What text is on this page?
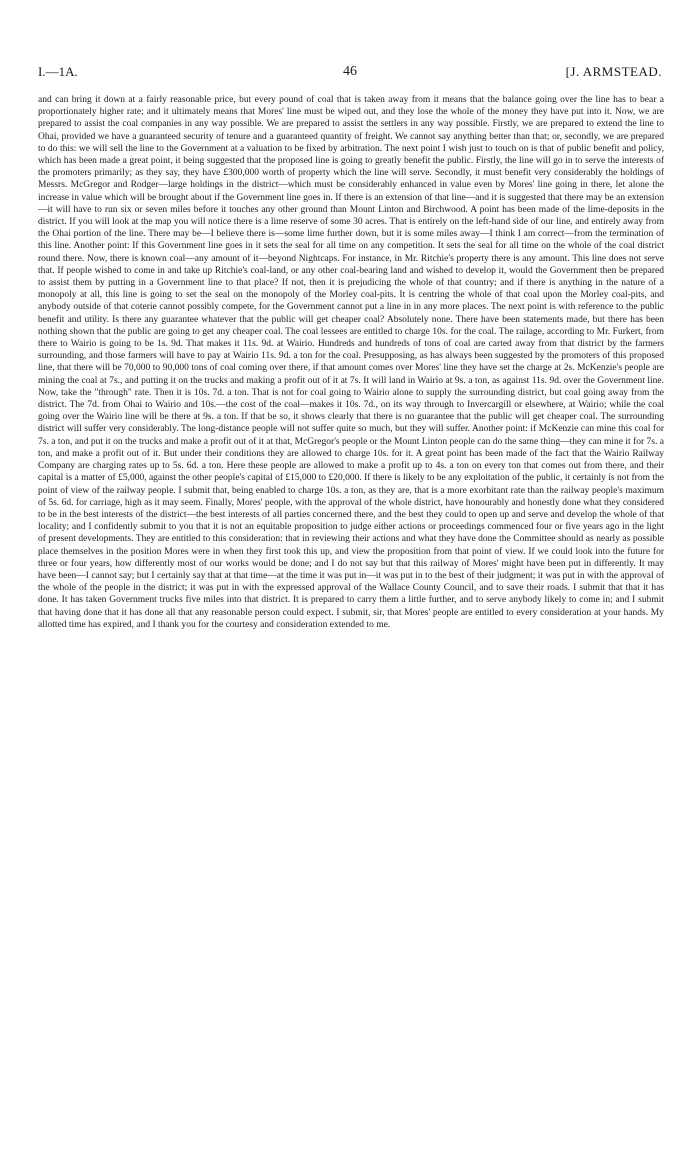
I.—1A.	46	[J. ARMSTEAD.

and can bring it down at a fairly reasonable price, but every pound of coal that is taken away from it means that the balance going over the line has to bear a proportionately higher rate; and it ultimately means that Mores' line must be wiped out, and they lose the whole of the money they have put into it. Now, we are prepared to assist the coal companies in any way possible. We are prepared to assist the settlers in any way possible. Firstly, we are prepared to extend the line to Ohai, provided we have a guaranteed security of tenure and a guaranteed quantity of freight. We cannot say anything better than that; or, secondly, we are prepared to do this: we will sell the line to the Government at a valuation to be fixed by arbitration. The next point I wish just to touch on is that of public benefit and policy, which has been made a great point, it being suggested that the proposed line is going to greatly benefit the public. Firstly, the line will go in to serve the interests of the promoters primarily; as they say, they have £300,000 worth of property which the line will serve. Secondly, it must benefit very considerably the holdings of Messrs. McGregor and Rodger—large holdings in the district—which must be considerably enhanced in value even by Mores' line going in there, let alone the increase in value which will be brought about if the Government line goes in. If there is an extension of that line—and it is suggested that there may be an extension—it will have to run six or seven miles before it touches any other ground than Mount Linton and Birchwood. A point has been made of the lime-deposits in the district. If you will look at the map you will notice there is a lime reserve of some 30 acres. That is entirely on the left-hand side of our line, and entirely away from the Ohai portion of the line. There may be—I believe there is—some lime further down, but it is some miles away—I think I am correct—from the termination of this line. Another point: If this Government line goes in it sets the seal for all time on any competition. It sets the seal for all time on the whole of the coal district round there. Now, there is known coal—any amount of it—beyond Nightcaps. For instance, in Mr. Ritchie's property there is any amount. This line does not serve that. If people wished to come in and take up Ritchie's coal-land, or any other coal-bearing land and wished to develop it, would the Government then be prepared to assist them by putting in a Government line to that place? If not, then it is prejudicing the whole of that country; and if there is anything in the nature of a monopoly at all, this line is going to set the seal on the monopoly of the Morley coal-pits. It is centring the whole of that coal upon the Morley coal-pits, and anybody outside of that coterie cannot possibly compete, for the Government cannot put a line in in any more places. The next point is with reference to the public benefit and utility. Is there any guarantee whatever that the public will get cheaper coal? Absolutely none. There have been statements made, but there has been nothing shown that the public are going to get any cheaper coal. The coal lessees are entitled to charge 10s. for the coal. The railage, according to Mr. Furkert, from there to Wairio is going to be 1s. 9d. That makes it 11s. 9d. at Wairio. Hundreds and hundreds of tons of coal are carted away from that district by the farmers surrounding, and those farmers will have to pay at Wairio 11s. 9d. a ton for the coal. Presupposing, as has always been suggested by the promoters of this proposed line, that there will be 70,000 to 90,000 tons of coal coming over there, if that amount comes over Mores' line they have set the charge at 2s. McKenzie's people are mining the coal at 7s., and putting it on the trucks and making a profit out of it at 7s. It will land in Wairio at 9s. a ton, as against 11s. 9d. over the Government line. Now, take the "through" rate. Then it is 10s. 7d. a ton. That is not for coal going to Wairio alone to supply the surrounding district, but coal going away from the district. The 7d. from Ohai to Wairio and 10s.—the cost of the coal—makes it 10s. 7d., on its way through to Invercargill or elsewhere, at Wairio; while the coal going over the Wairio line will be there at 9s. a ton. If that be so, it shows clearly that there is no guarantee that the public will get cheaper coal. The surrounding district will suffer very considerably. The long-distance people will not suffer quite so much, but they will suffer. Another point: if McKenzie can mine this coal for 7s. a ton, and put it on the trucks and make a profit out of it at that, McGregor's people or the Mount Linton people can do the same thing—they can mine it for 7s. a ton, and make a profit out of it. But under their conditions they are allowed to charge 10s. for it. A great point has been made of the fact that the Wairio Railway Company are charging rates up to 5s. 6d. a ton. Here these people are allowed to make a profit up to 4s. a ton on every ton that comes out from there, and their capital is a matter of £5,000, against the other people's capital of £15,000 to £20,000. If there is likely to be any exploitation of the public, it certainly is not from the point of view of the railway people. I submit that, being enabled to charge 10s. a ton, as they are, that is a more exorbitant rate than the railway people's maximum of 5s. 6d. for carriage, high as it may seem. Finally, Mores' people, with the approval of the whole district, have honourably and honestly done what they considered to be in the best interests of the district—the best interests of all parties concerned there, and the best they could to open up and serve and develop the whole of that locality; and I confidently submit to you that it is not an equitable proposition to judge either actions or proceedings commenced four or five years ago in the light of present developments. They are entitled to this consideration: that in reviewing their actions and what they have done the Committee should as nearly as possible place themselves in the position Mores were in when they first took this up, and view the proposition from that point of view. If we could look into the future for three or four years, how differently most of our works would be done; and I do not say but that this railway of Mores' might have been put in differently. It may have been—I cannot say; but I certainly say that at that time—at the time it was put in—it was put in to the best of their judgment; it was put in with the approval of the whole of the people in the district; it was put in with the expressed approval of the Wallace County Council, and to save their roads. I submit that that it has done. It has taken Government trucks five miles into that district. It is prepared to carry them a little further, and to serve anybody likely to come in; and I submit that having done that it has done all that any reasonable person could expect. I submit, sir, that Mores' people are entitled to every consideration at your hands. My allotted time has expired, and I thank you for the courtesy and consideration extended to me.
